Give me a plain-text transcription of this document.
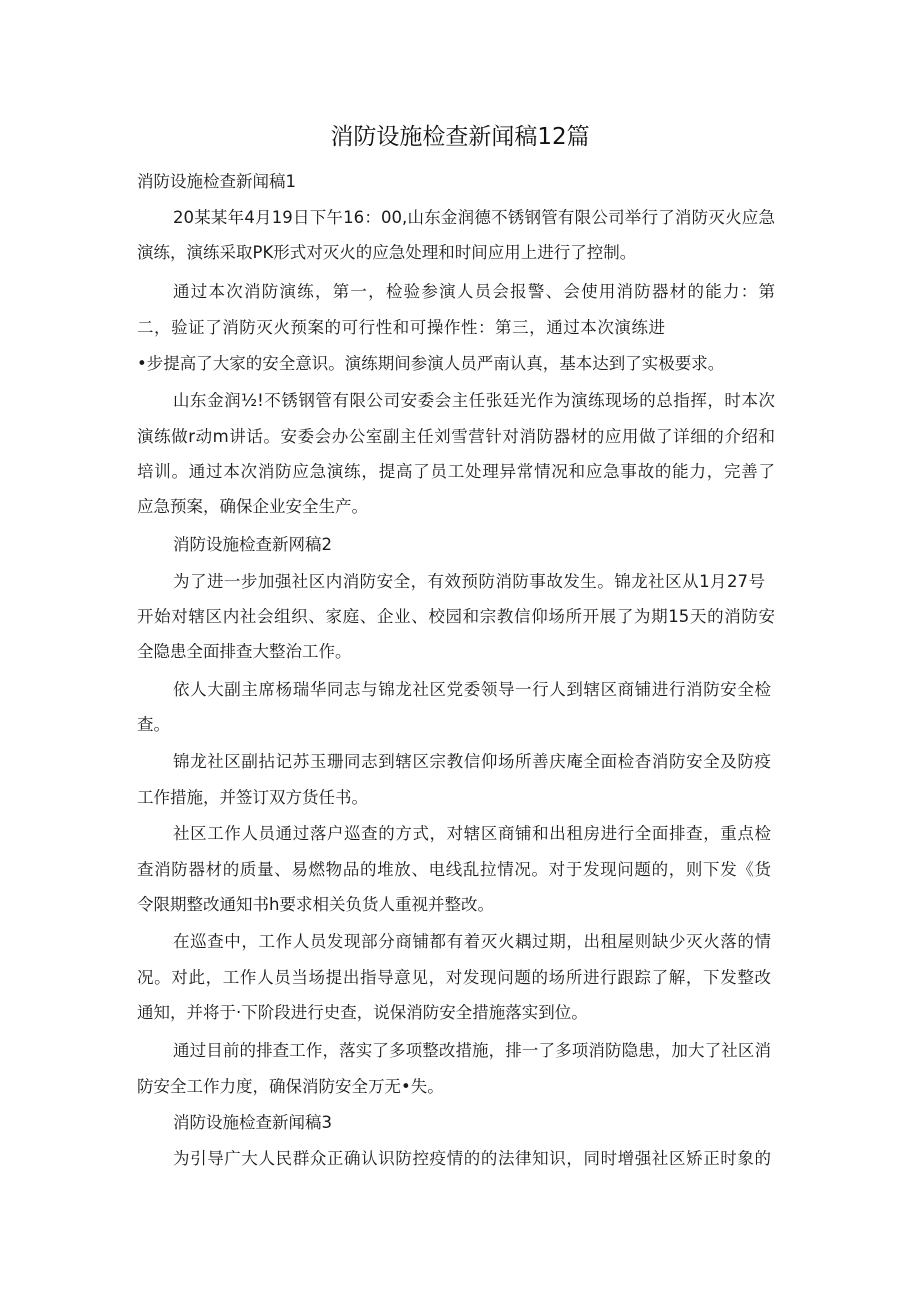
消防设施检查新闻稿12篇
消防设施检查新闻稿1
20某某年4月19日下午16：00,山东金润德不锈钢管有限公司举行了消防灭火应急
演练，演练采取PK形式对灭火的应急处理和时间应用上进行了控制。
通过本次消防演练，第一，检验参演人员会报警、会使用消防器材的能力：第
二，验证了消防灭火预案的可行性和可操作性：第三，通过本次演练进
•步提高了大家的安全意识。演练期间参演人员严南认真，基本达到了实极要求。
山东金润½!不锈钢管有限公司安委会主任张廷光作为演练现场的总指挥，时本次
演练做r动m讲话。安委会办公室副主任刘雪营针对消防器材的应用做了详细的介绍和
培训。通过本次消防应急演练，提高了员工处理异常情况和应急事故的能力，完善了
应急预案，确保企业安全生产。
消防设施检查新网稿2
为了进一步加强社区内消防安全，有效预防消防事故发生。锦龙社区从1月27号
开始对辖区内社会组织、家庭、企业、校园和宗教信仰场所开展了为期15天的消防安
全隐患全面排查大整治工作。
依人大副主席杨瑞华同志与锦龙社区党委领导一行人到辖区商铺进行消防安全检
查。
锦龙社区副拈记苏玉珊同志到辖区宗教信仰场所善庆庵全面检杳消防安全及防疫
工作措施，并签订双方货任书。
社区工作人员通过落户巡查的方式，对辖区商铺和出租房进行全面排查，重点检
查消防器材的质量、易燃物品的堆放、电线乱拉情况。对于发现问题的，则下发《货
令限期整改通知书h要求相关负货人重视并整改。
在巡查中，工作人员发现部分商铺都有着灭火耦过期，出租屋则缺少灭火落的情
况。对此，工作人员当场提出指导意见，对发现问题的场所进行跟踪了解，下发整改
通知，并将于·下阶段进行史查，说保消防安全措施落实到位。
通过目前的排查工作，落实了多项整改措施，排一了多项消防隐患，加大了社区消
防安全工作力度，确保消防安全万无•失。
消防设施检查新闻稿3
为引导广大人民群众正确认识防控疫情的的法律知识，同时增强社区矫正时象的
